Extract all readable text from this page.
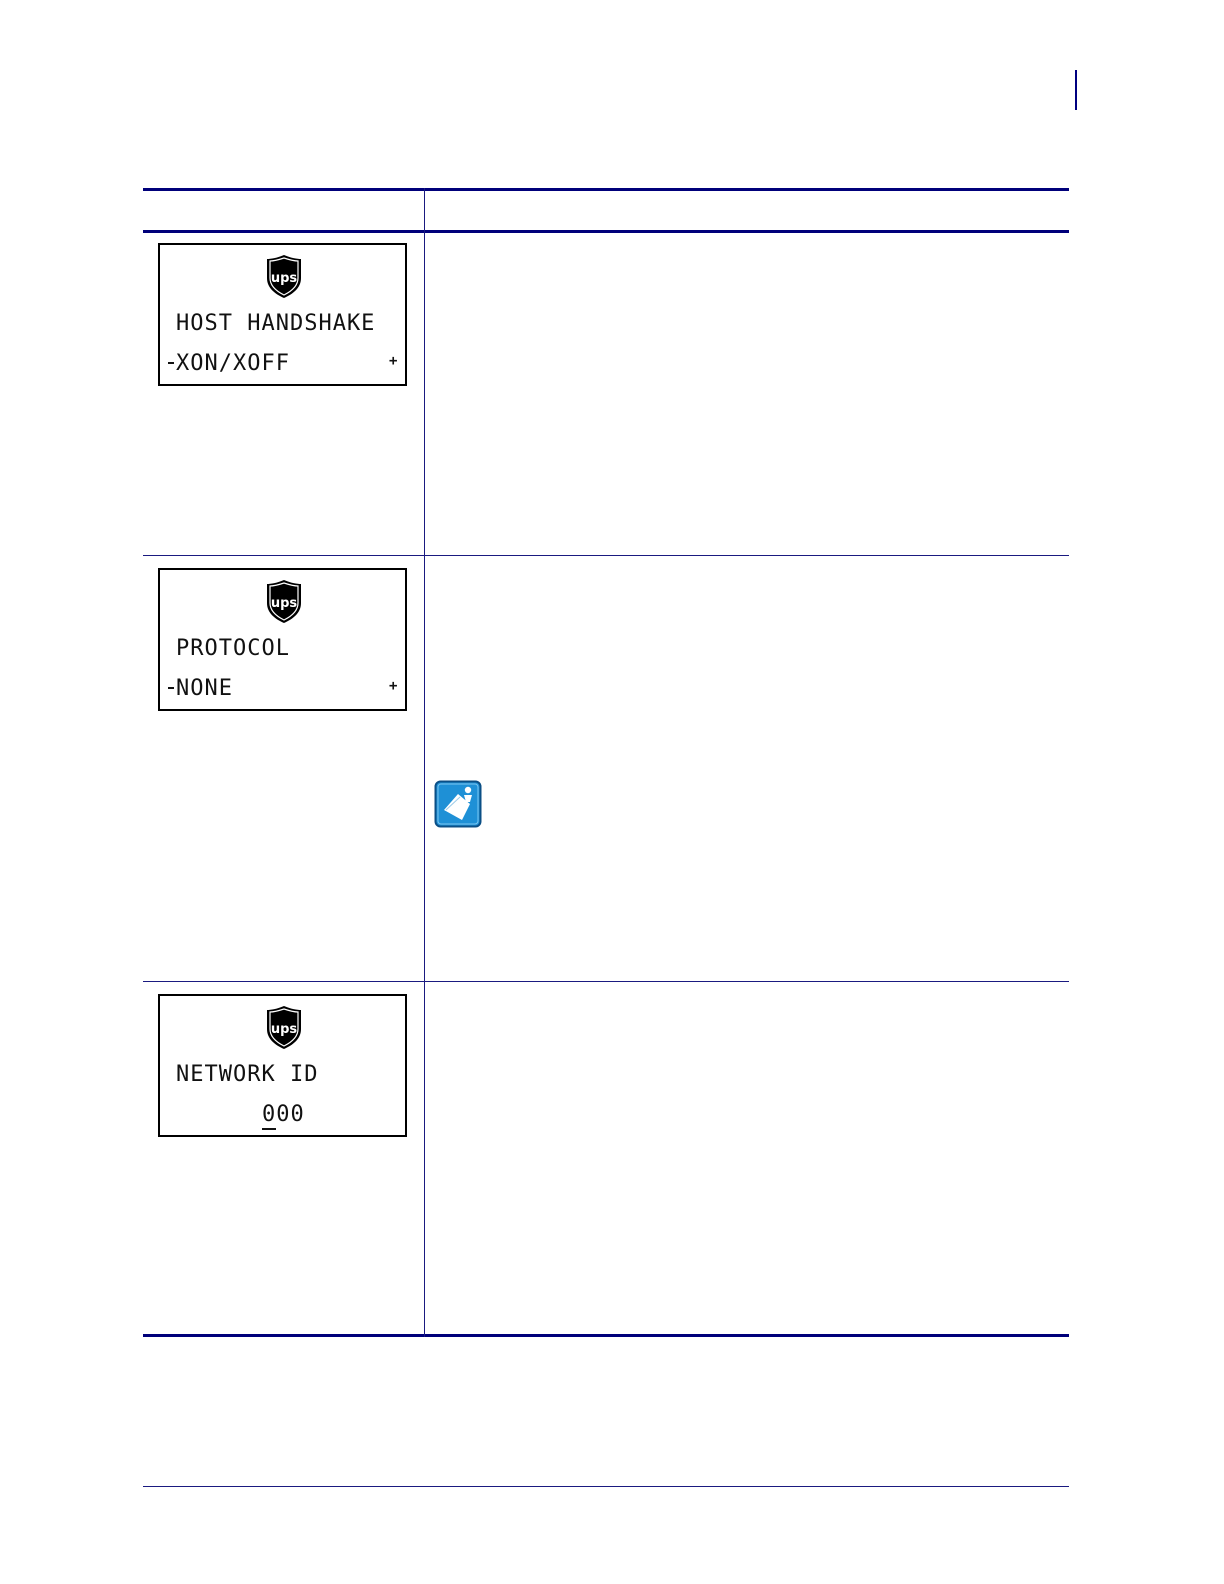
ups
HOST HANDSHAKE
XON/XOFF	+
ups
PROTOCOL
NONE	+
ups
NETWORK ID
000
